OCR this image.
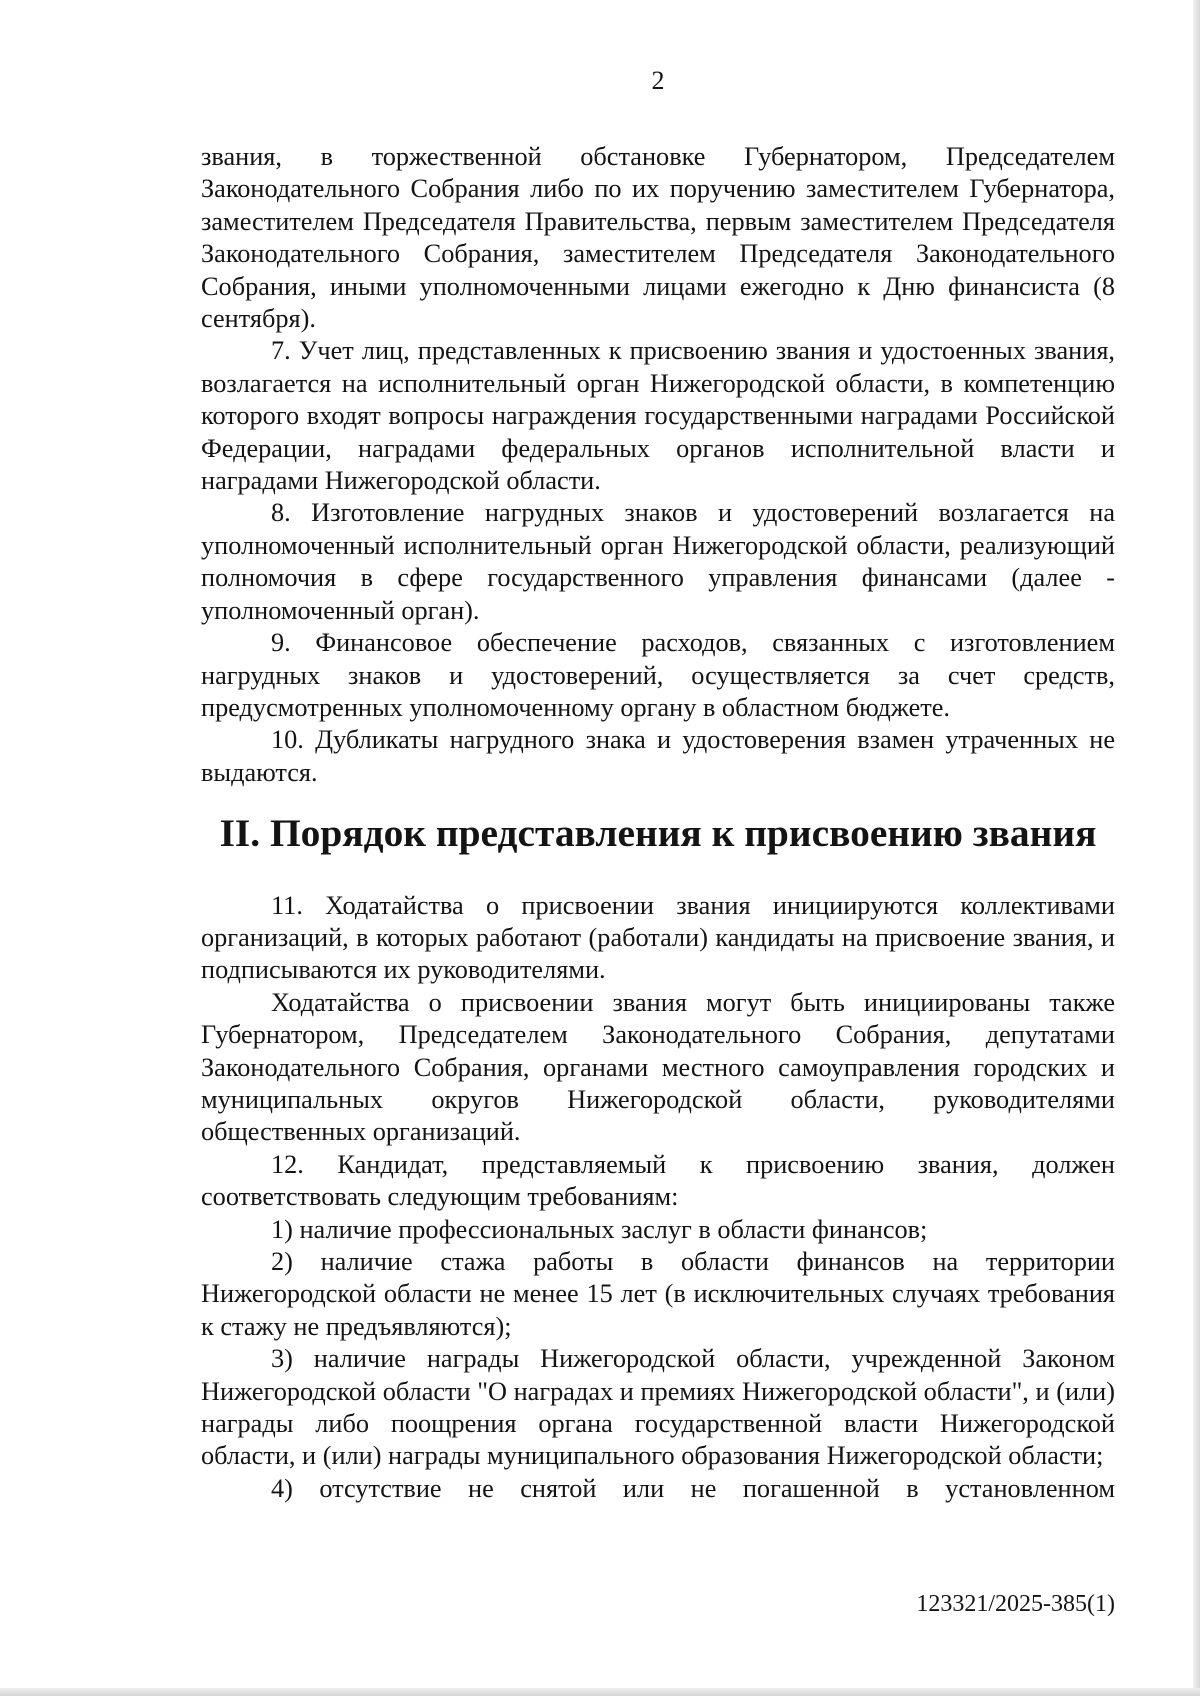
2

звания, в торжественной обстановке Губернатором, Председателем Законодательного Собрания либо по их поручению заместителем Губернатора, заместителем Председателя Правительства, первым заместителем Председателя Законодательного Собрания, заместителем Председателя Законодательного Собрания, иными уполномоченными лицами ежегодно к Дню финансиста (8 сентября).

7. Учет лиц, представленных к присвоению звания и удостоенных звания, возлагается на исполнительный орган Нижегородской области, в компетенцию которого входят вопросы награждения государственными наградами Российской Федерации, наградами федеральных органов исполнительной власти и наградами Нижегородской области.

8. Изготовление нагрудных знаков и удостоверений возлагается на уполномоченный исполнительный орган Нижегородской области, реализующий полномочия в сфере государственного управления финансами (далее - уполномоченный орган).

9. Финансовое обеспечение расходов, связанных с изготовлением нагрудных знаков и удостоверений, осуществляется за счет средств, предусмотренных уполномоченному органу в областном бюджете.

10. Дубликаты нагрудного знака и удостоверения взамен утраченных не выдаются.

II. Порядок представления к присвоению звания

11. Ходатайства о присвоении звания инициируются коллективами организаций, в которых работают (работали) кандидаты на присвоение звания, и подписываются их руководителями.

Ходатайства о присвоении звания могут быть инициированы также Губернатором, Председателем Законодательного Собрания, депутатами Законодательного Собрания, органами местного самоуправления городских и муниципальных округов Нижегородской области, руководителями общественных организаций.

12. Кандидат, представляемый к присвоению звания, должен соответствовать следующим требованиям:

1) наличие профессиональных заслуг в области финансов;

2) наличие стажа работы в области финансов на территории Нижегородской области не менее 15 лет (в исключительных случаях требования к стажу не предъявляются);

3) наличие награды Нижегородской области, учрежденной Законом Нижегородской области "О наградах и премиях Нижегородской области", и (или) награды либо поощрения органа государственной власти Нижегородской области, и (или) награды муниципального образования Нижегородской области;

4) отсутствие не снятой или не погашенной в установленном

123321/2025-385(1)
